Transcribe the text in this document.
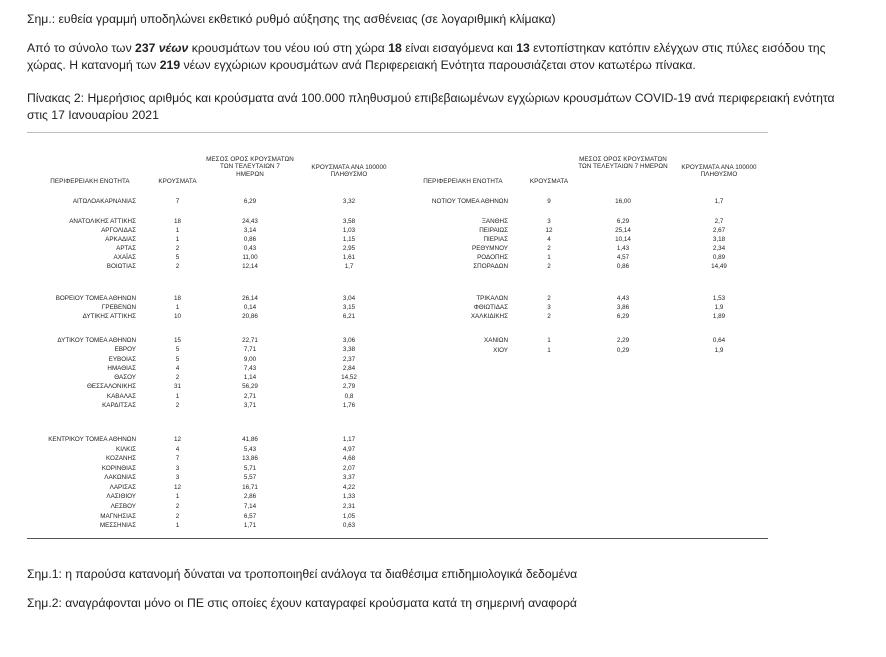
Σημ.: ευθεία γραμμή υποδηλώνει εκθετικό ρυθμό αύξησης της ασθένειας (σε λογαριθμική κλίμακα)
Από το σύνολο των 237 νέων κρουσμάτων του νέου ιού στη χώρα 18 είναι εισαγόμενα και 13 εντοπίστηκαν κατόπιν ελέγχων στις πύλες εισόδου της χώρας. Η κατανομή των 219 νέων εγχώριων κρουσμάτων ανά Περιφερειακή Ενότητα παρουσιάζεται στον κατωτέρω πίνακα.
Πίνακας 2: Ημερήσιος αριθμός και κρούσματα ανά 100.000 πληθυσμού επιβεβαιωμένων εγχώριων κρουσμάτων COVID-19 ανά περιφερειακή ενότητα στις 17 Ιανουαρίου 2021
ΠΕΡΙΦΕΡΕΙΑΚΗ ΕΝΟΤΗΤΑ	ΚΡΟΥΣΜΑΤΑ
ΜΕΣΟΣ ΟΡΟΣ ΚΡΟΥΣΜΑΤΩΝ ΤΩΝ ΤΕΛΕΥΤΑΙΩΝ 7 ΗΜΕΡΩΝ
ΚΡΟΥΣΜΑΤΑ ΑΝΑ 100000 ΠΛΗΘΥΣΜΟ
ΠΕΡΙΦΕΡΕΙΑΚΗ ΕΝΟΤΗΤΑ	ΚΡΟΥΣΜΑΤΑ
ΜΕΣΟΣ ΟΡΟΣ ΚΡΟΥΣΜΑΤΩΝ ΤΩΝ ΤΕΛΕΥΤΑΙΩΝ 7 ΗΜΕΡΩΝ	ΚΡΟΥΣΜΑΤΑ ΑΝΑ 100000 ΠΛΗΘΥΣΜΟ
ΑΙΤΩΛΟΑΚΑΡΝΑΝΙΑΣ	7	6,29	3,32
ΑΝΑΤΟΛΙΚΗΣ ΑΤΤΙΚΗΣ	18	24,43	3,58
ΑΡΓΟΛΙΔΑΣ	1	3,14	1,03
ΑΡΚΑΔΙΑΣ	1	0,86	1,15
ΑΡΤΑΣ	2	0,43	2,95
ΑΧΑΪΑΣ	5	11,00	1,61
ΒΟΙΩΤΙΑΣ	2	12,14	1,7
ΒΟΡΕΙΟΥ ΤΟΜΕΑ ΑΘΗΝΩΝ	18	26,14	3,04
ΓΡΕΒΕΝΩΝ	1	0,14	3,15
ΔΥΤΙΚΗΣ ΑΤΤΙΚΗΣ	10	20,86	6,21
ΔΥΤΙΚΟΥ ΤΟΜΕΑ ΑΘΗΝΩΝ	15	22,71	3,06
ΕΒΡΟΥ	5	7,71	3,38
ΕΥΒΟΙΑΣ	5	9,00	2,37
ΗΜΑΘΙΑΣ	4	7,43	2,84
ΘΑΣΟΥ	2	1,14	14,52
ΘΕΣΣΑΛΟΝΙΚΗΣ	31	56,29	2,79
ΚΑΒΑΛΑΣ	1	2,71	0,8
ΚΑΡΔΙΤΣΑΣ	2	3,71	1,76
ΚΕΝΤΡΙΚΟΥ ΤΟΜΕΑ ΑΘΗΝΩΝ	12	41,86	1,17
ΚΙΛΚΙΣ	4	5,43	4,97
ΚΟΖΑΝΗΣ	7	13,86	4,68
ΚΟΡΙΝΘΙΑΣ	3	5,71	2,07
ΛΑΚΩΝΙΑΣ	3	5,57	3,37
ΛΑΡΙΣΑΣ	12	16,71	4,22
ΛΑΣΙΘΙΟΥ	1	2,86	1,33
ΛΕΣΒΟΥ	2	7,14	2,31
ΜΑΓΝΗΣΙΑΣ	2	6,57	1,05
ΜΕΣΣΗΝΙΑΣ	1	1,71	0,63
ΝΟΤΙΟΥ ΤΟΜΕΑ ΑΘΗΝΩΝ	9	16,00	1,7
ΞΑΝΘΗΣ	3	6,29	2,7
ΠΕΙΡΑΙΩΣ	12	25,14	2,67
ΠΙΕΡΙΑΣ	4	10,14	3,18
ΡΕΘΥΜΝΟΥ	2	1,43	2,34
ΡΟΔΟΠΗΣ	1	4,57	0,89
ΣΠΟΡΑΔΩΝ	2	0,86	14,49
ΤΡΙΚΑΛΩΝ	2	4,43	1,53
ΦΘΙΩΤΙΔΑΣ	3	3,86	1,9
ΧΑΛΚΙΔΙΚΗΣ	2	6,29	1,89
ΧΑΝΙΩΝ	1	2,29	0,64
ΧΙΟΥ	1	0,29	1,9
Σημ.1: η παρούσα κατανομή δύναται να τροποποιηθεί ανάλογα τα διαθέσιμα επιδημιολογικά δεδομένα
Σημ.2: αναγράφονται μόνο οι ΠΕ στις οποίες έχουν καταγραφεί κρούσματα κατά τη σημερινή αναφορά
